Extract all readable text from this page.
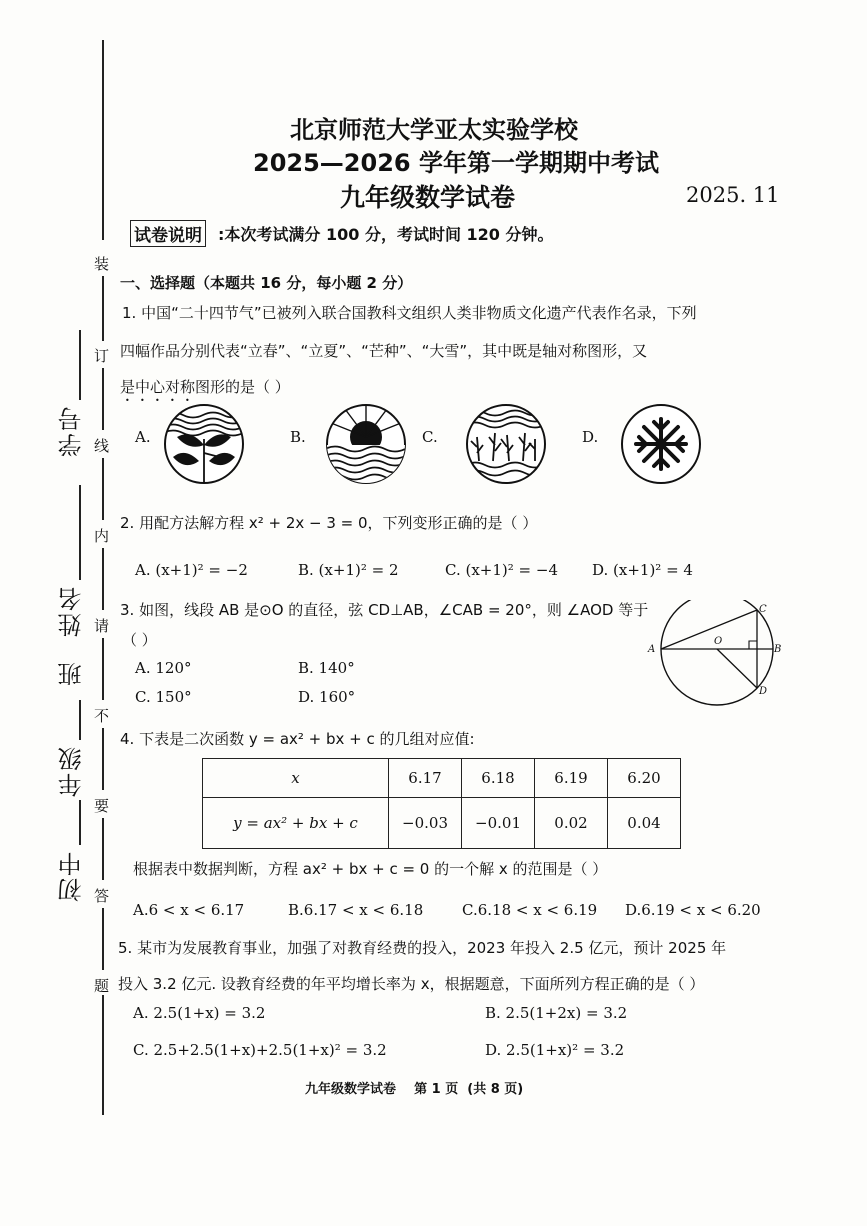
装
订
线
内
请
不
要
答
题
学号
姓名
班
年级
初中
北京师范大学亚太实验学校
2025—2026 学年第一学期期中考试
九年级数学试卷	2025. 11
试卷说明 :本次考试满分 100 分，考试时间 120 分钟。
一、选择题（本题共 16 分，每小题 2 分）
1. 中国“二十四节气”已被列入联合国教科文组织人类非物质文化遗产代表作名录，下列
四幅作品分别代表“立春”、“立夏”、“芒种”、“大雪”，其中既是轴对称图形，又
是中心对称图形的是（ ）
A.	B.	C.	D.
2. 用配方法解方程 x² + 2x − 3 = 0，下列变形正确的是（ ）
A. (x+1)² = −2	B. (x+1)² = 2	C. (x+1)² = −4 D. (x+1)² = 4
3. 如图，线段 AB 是⊙O 的直径，弦 CD⊥AB，∠CAB = 20°，则 ∠AOD 等于
（ ）
A. 120°	B. 140°
C. 150°	D. 160°
A	B
C
D
O
4. 下表是二次函数 y = ax² + bx + c 的几组对应值:
x	6.17	6.18	6.19	6.20
y = ax² + bx + c	−0.03	−0.01	0.02	0.04
根据表中数据判断，方程 ax² + bx + c = 0 的一个解 x 的范围是（ ）
A.6 < x < 6.17	B.6.17 < x < 6.18	C.6.18 < x < 6.19 D.6.19 < x < 6.20
5. 某市为发展教育事业，加强了对教育经费的投入，2023 年投入 2.5 亿元，预计 2025 年
投入 3.2 亿元. 设教育经费的年平均增长率为 x，根据题意，下面所列方程正确的是（ ）
A. 2.5(1+x) = 3.2	B. 2.5(1+2x) = 3.2
C. 2.5+2.5(1+x)+2.5(1+x)² = 3.2	D. 2.5(1+x)² = 3.2
九年级数学试卷    第 1 页  (共 8 页)
